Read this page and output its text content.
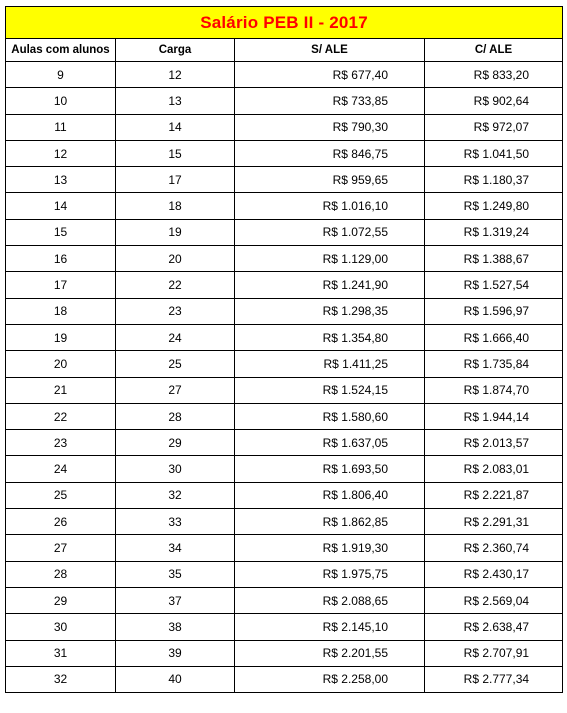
Salário PEB II - 2017			
Aulas com alunos	Carga	S/ ALE	C/ ALE
9	12	R$ 677,40	R$ 833,20
10	13	R$ 733,85	R$ 902,64
11	14	R$ 790,30	R$ 972,07
12	15	R$ 846,75	R$ 1.041,50
13	17	R$ 959,65	R$ 1.180,37
14	18	R$ 1.016,10	R$ 1.249,80
15	19	R$ 1.072,55	R$ 1.319,24
16	20	R$ 1.129,00	R$ 1.388,67
17	22	R$ 1.241,90	R$ 1.527,54
18	23	R$ 1.298,35	R$ 1.596,97
19	24	R$ 1.354,80	R$ 1.666,40
20	25	R$ 1.411,25	R$ 1.735,84
21	27	R$ 1.524,15	R$ 1.874,70
22	28	R$ 1.580,60	R$ 1.944,14
23	29	R$ 1.637,05	R$ 2.013,57
24	30	R$ 1.693,50	R$ 2.083,01
25	32	R$ 1.806,40	R$ 2.221,87
26	33	R$ 1.862,85	R$ 2.291,31
27	34	R$ 1.919,30	R$ 2.360,74
28	35	R$ 1.975,75	R$ 2.430,17
29	37	R$ 2.088,65	R$ 2.569,04
30	38	R$ 2.145,10	R$ 2.638,47
31	39	R$ 2.201,55	R$ 2.707,91
32	40	R$ 2.258,00	R$ 2.777,34
